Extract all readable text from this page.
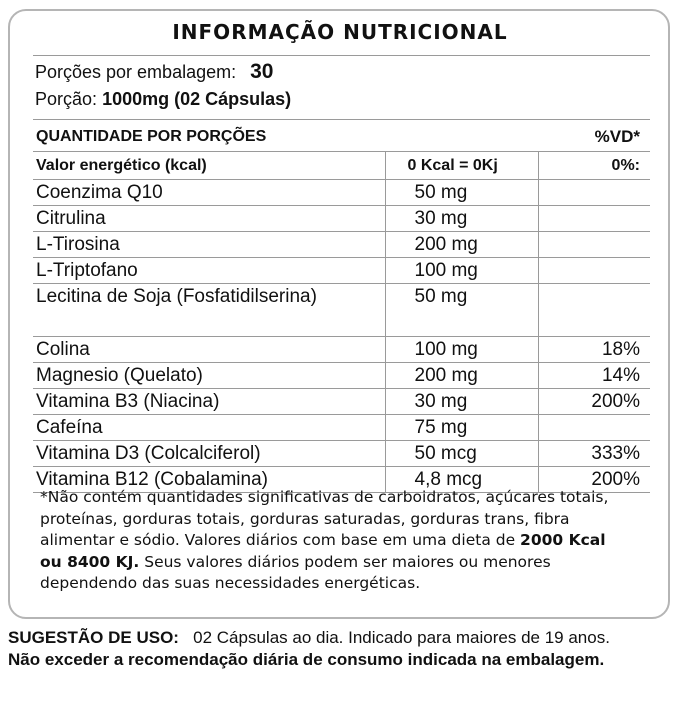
INFORMAÇÃO NUTRICIONAL
Porções por embalagem: 30
Porção: 1000mg (02 Cápsulas)
QUANTIDADE POR PORÇÕES		%VD*
Valor energético (kcal)	0 Kcal = 0Kj	0%:
Coenzima Q10	50 mg	
Citrulina	30 mg	
L-Tirosina	200 mg	
L-Triptofano	100 mg	
Lecitina de Soja (Fosfatidilserina)	50 mg	
Colina	100 mg	18%
Magnesio (Quelato)	200 mg	14%
Vitamina B3 (Niacina)	30 mg	200%
Cafeína	75 mg	
Vitamina D3 (Colcalciferol)	50 mcg	333%
Vitamina B12 (Cobalamina)	4,8 mcg	200%
*Não contém quantidades significativas de carboidratos, açúcares totais, proteínas, gorduras totais, gorduras saturadas, gorduras trans, fibra alimentar e sódio. Valores diários com base em uma dieta de 2000 Kcal ou 8400 KJ. Seus valores diários podem ser maiores ou menores dependendo das suas necessidades energéticas.
SUGESTÃO DE USO: 02 Cápsulas ao dia. Indicado para maiores de 19 anos.
Não exceder a recomendação diária de consumo indicada na embalagem.
